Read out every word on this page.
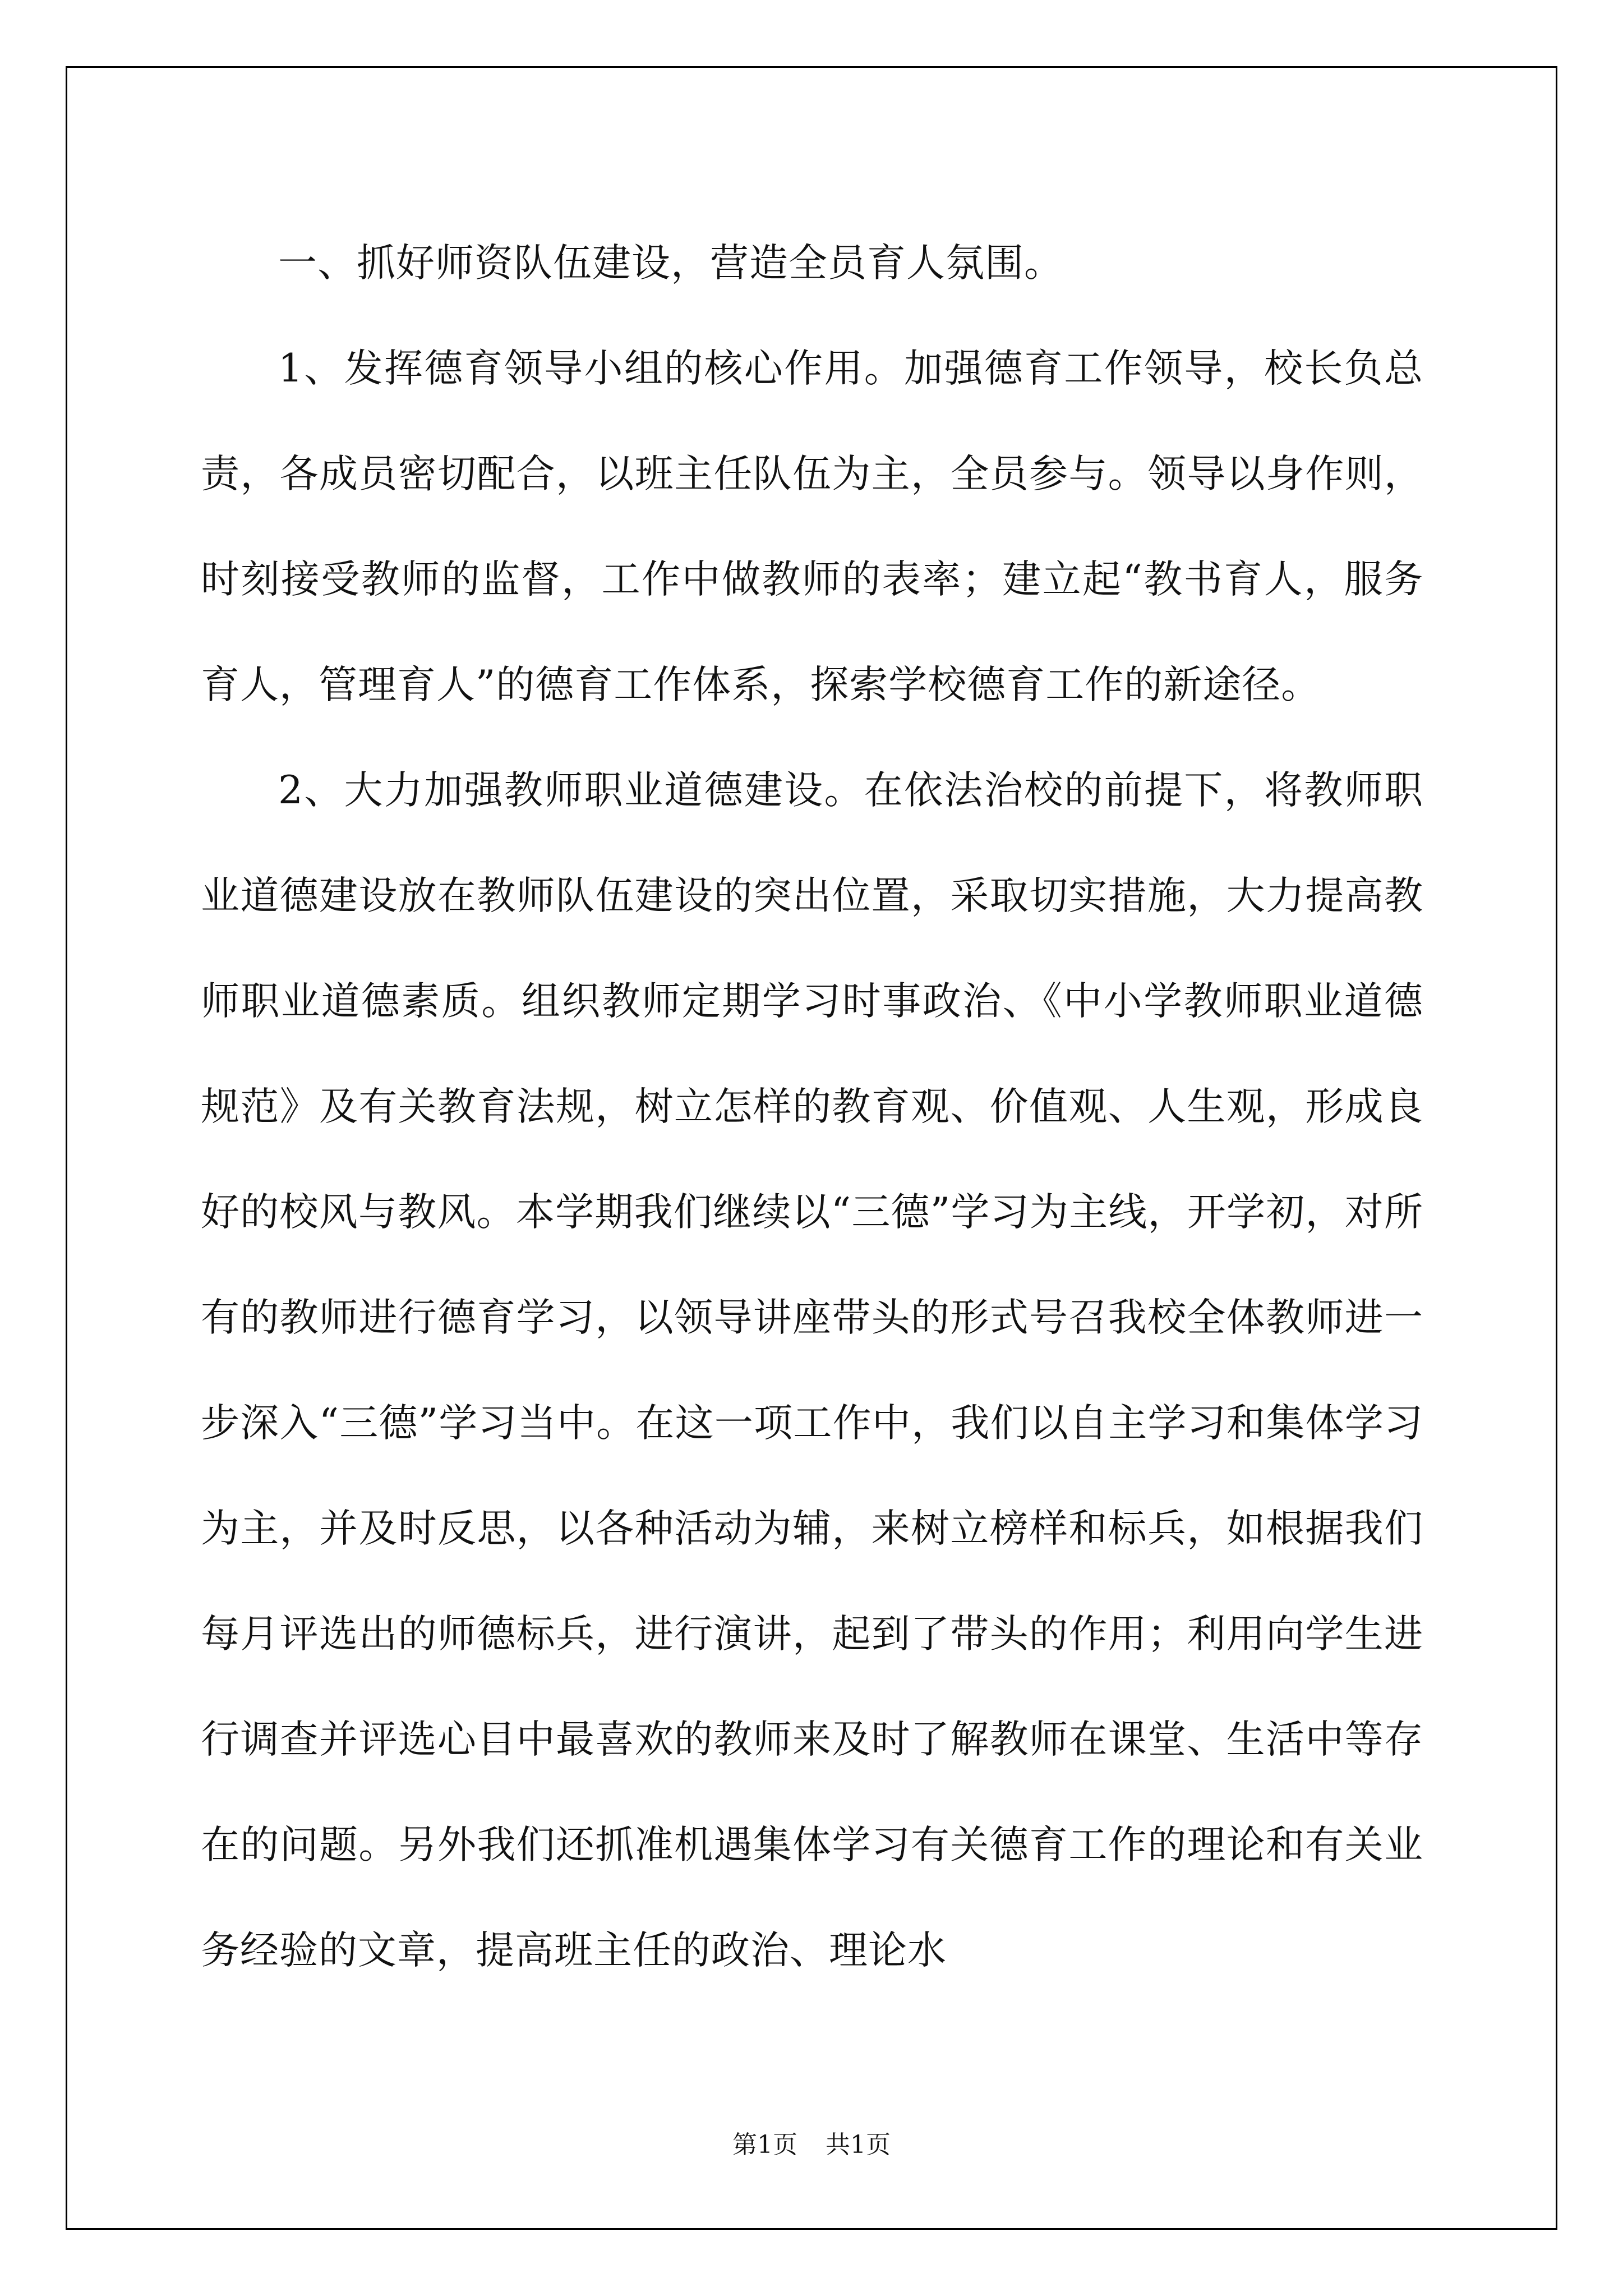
一、抓好师资队伍建设，营造全员育人氛围。

1、发挥德育领导小组的核心作用。加强德育工作领导，校长负总责，各成员密切配合，以班主任队伍为主，全员参与。领导以身作则，时刻接受教师的监督，工作中做教师的表率；建立起“教书育人，服务育人，管理育人”的德育工作体系，探索学校德育工作的新途径。

2、大力加强教师职业道德建设。在依法治校的前提下，将教师职业道德建设放在教师队伍建设的突出位置，采取切实措施，大力提高教师职业道德素质。组织教师定期学习时事政治、《中小学教师职业道德规范》及有关教育法规，树立怎样的教育观、价值观、人生观，形成良好的校风与教风。本学期我们继续以“三德”学习为主线，开学初，对所有的教师进行德育学习，以领导讲座带头的形式号召我校全体教师进一步深入“三德”学习当中。在这一项工作中，我们以自主学习和集体学习为主，并及时反思，以各种活动为辅，来树立榜样和标兵，如根据我们每月评选出的师德标兵，进行演讲，起到了带头的作用；利用向学生进行调查并评选心目中最喜欢的教师来及时了解教师在课堂、生活中等存在的问题。另外我们还抓准机遇集体学习有关德育工作的理论和有关业务经验的文章，提高班主任的政治、理论水

第1页 共1页
